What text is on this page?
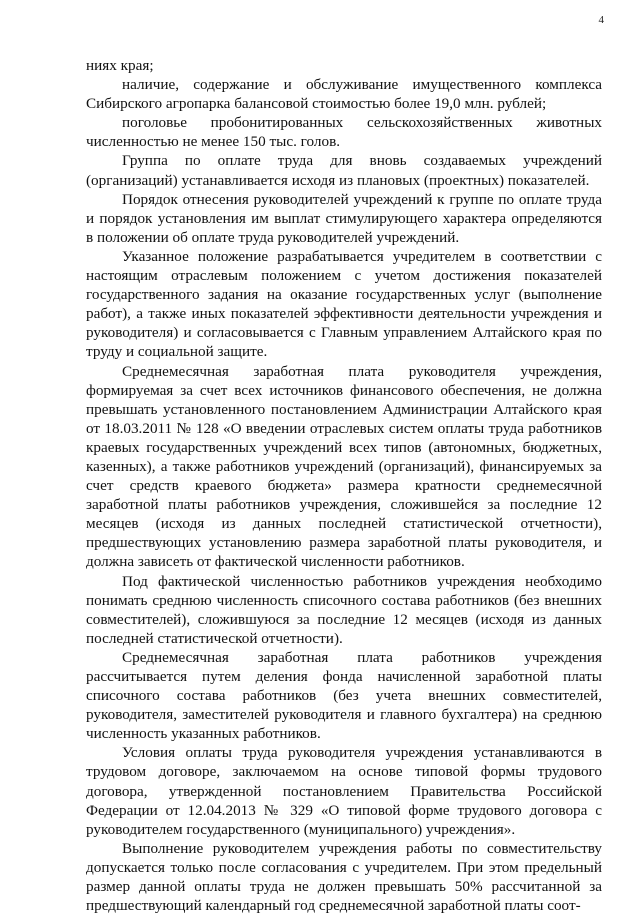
4

ниях края;

наличие, содержание и обслуживание имущественного комплекса Сибирского агропарка балансовой стоимостью более 19,0 млн. рублей;

поголовье пробонитированных сельскохозяйственных животных численностью не менее 150 тыс. голов.

Группа по оплате труда для вновь создаваемых учреждений (организаций) устанавливается исходя из плановых (проектных) показателей.

Порядок отнесения руководителей учреждений к группе по оплате труда и порядок установления им выплат стимулирующего характера определяются в положении об оплате труда руководителей учреждений.

Указанное положение разрабатывается учредителем в соответствии с настоящим отраслевым положением с учетом достижения показателей государственного задания на оказание государственных услуг (выполнение работ), а также иных показателей эффективности деятельности учреждения и руководителя) и согласовывается с Главным управлением Алтайского края по труду и социальной защите.

Среднемесячная заработная плата руководителя учреждения, формируемая за счет всех источников финансового обеспечения, не должна превышать установленного постановлением Администрации Алтайского края от 18.03.2011 № 128 «О введении отраслевых систем оплаты труда работников краевых государственных учреждений всех типов (автономных, бюджетных, казенных), а также работников учреждений (организаций), финансируемых за счет средств краевого бюджета» размера кратности среднемесячной заработной платы работников учреждения, сложившейся за последние 12 месяцев (исходя из данных последней статистической отчетности), предшествующих установлению размера заработной платы руководителя, и должна зависеть от фактической численности работников.

Под фактической численностью работников учреждения необходимо понимать среднюю численность списочного состава работников (без внешних совместителей), сложившуюся за последние 12 месяцев (исходя из данных последней статистической отчетности).

Среднемесячная заработная плата работников учреждения рассчитывается путем деления фонда начисленной заработной платы списочного состава работников (без учета внешних совместителей, руководителя, заместителей руководителя и главного бухгалтера) на среднюю численность указанных работников.

Условия оплаты труда руководителя учреждения устанавливаются в трудовом договоре, заключаемом на основе типовой формы трудового договора, утвержденной постановлением Правительства Российской Федерации от 12.04.2013 № 329 «О типовой форме трудового договора с руководителем государственного (муниципального) учреждения».

Выполнение руководителем учреждения работы по совместительству допускается только после согласования с учредителем. При этом предельный размер данной оплаты труда не должен превышать 50% рассчитанной за предшествующий календарный год среднемесячной заработной платы соот-
